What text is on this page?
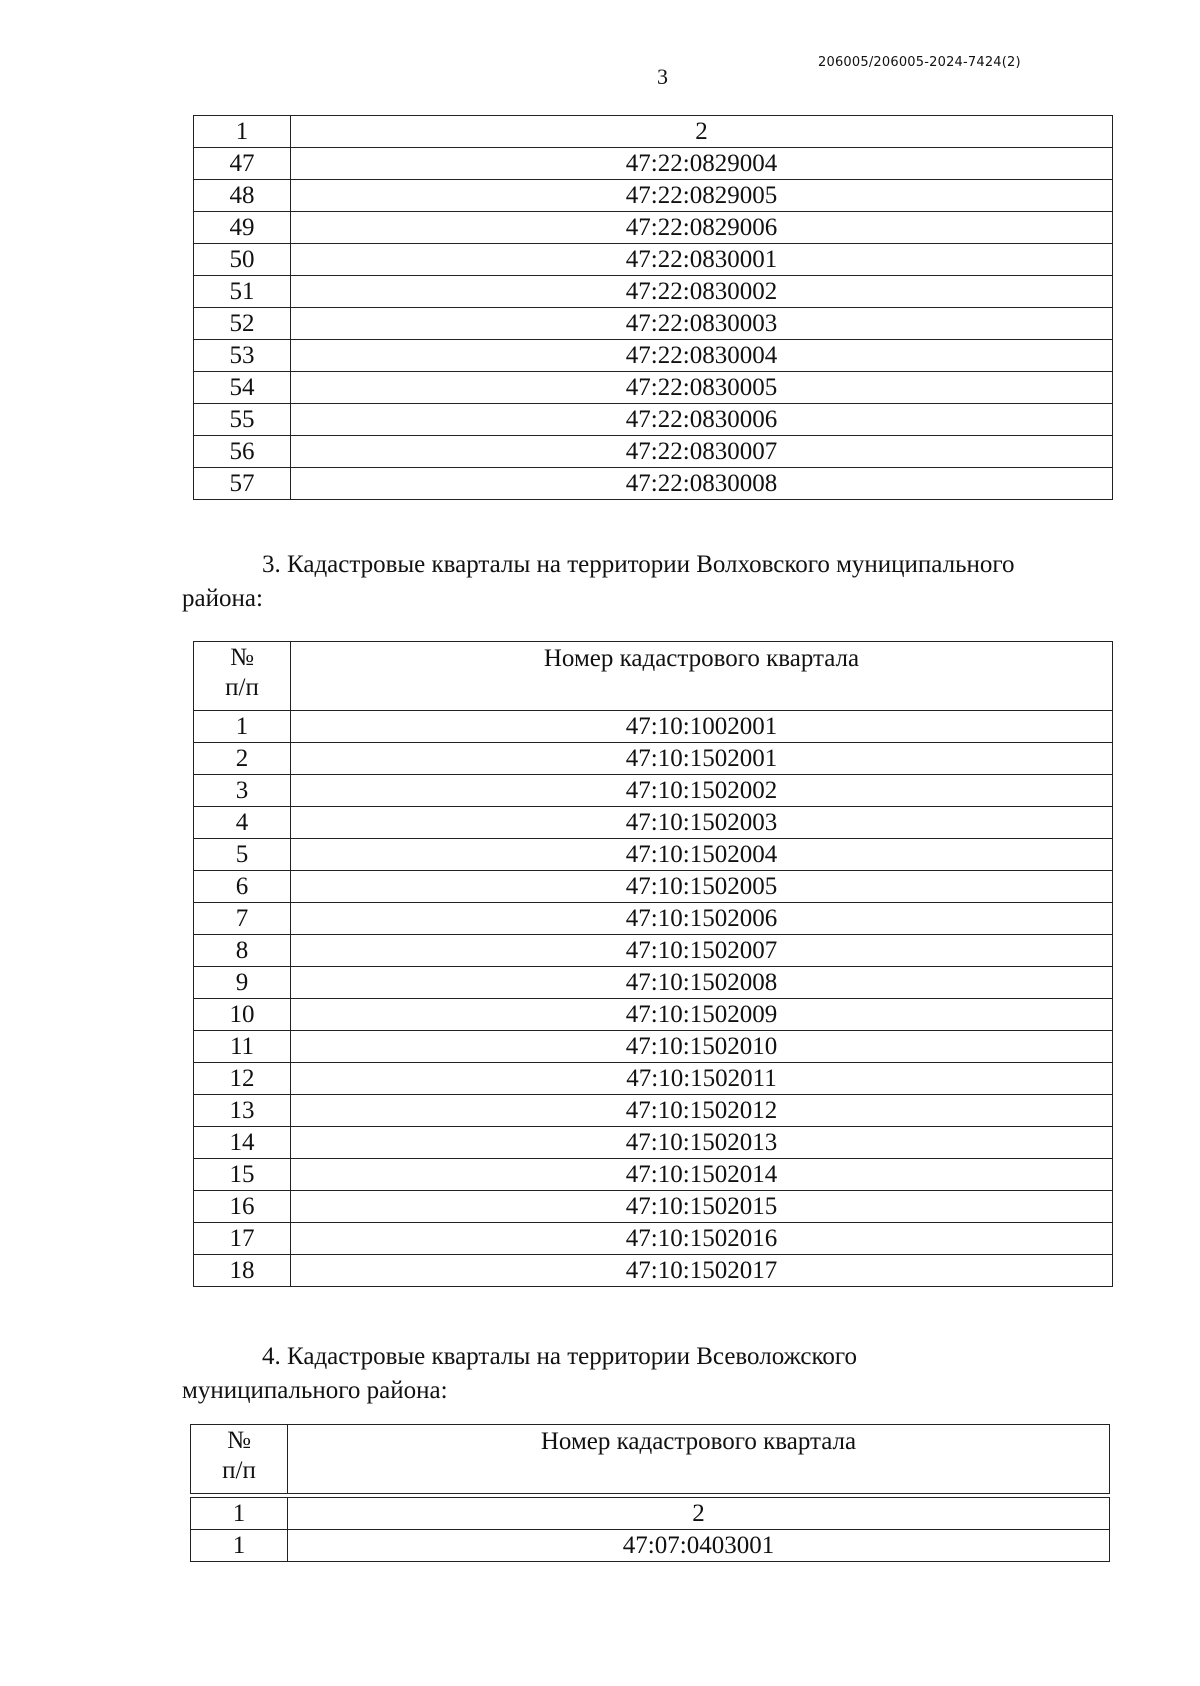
3
206005/206005-2024-7424(2)
1	2
47	47:22:0829004
48	47:22:0829005
49	47:22:0829006
50	47:22:0830001
51	47:22:0830002
52	47:22:0830003
53	47:22:0830004
54	47:22:0830005
55	47:22:0830006
56	47:22:0830007
57	47:22:0830008
3. Кадастровые кварталы на территории Волховского муниципального
района:
№
п/п	Номер кадастрового квартала
1	47:10:1002001
2	47:10:1502001
3	47:10:1502002
4	47:10:1502003
5	47:10:1502004
6	47:10:1502005
7	47:10:1502006
8	47:10:1502007
9	47:10:1502008
10	47:10:1502009
11	47:10:1502010
12	47:10:1502011
13	47:10:1502012
14	47:10:1502013
15	47:10:1502014
16	47:10:1502015
17	47:10:1502016
18	47:10:1502017
4. Кадастровые кварталы на территории Всеволожского
муниципального района:
№
п/п	Номер кадастрового квартала

1	2
1	47:07:0403001
